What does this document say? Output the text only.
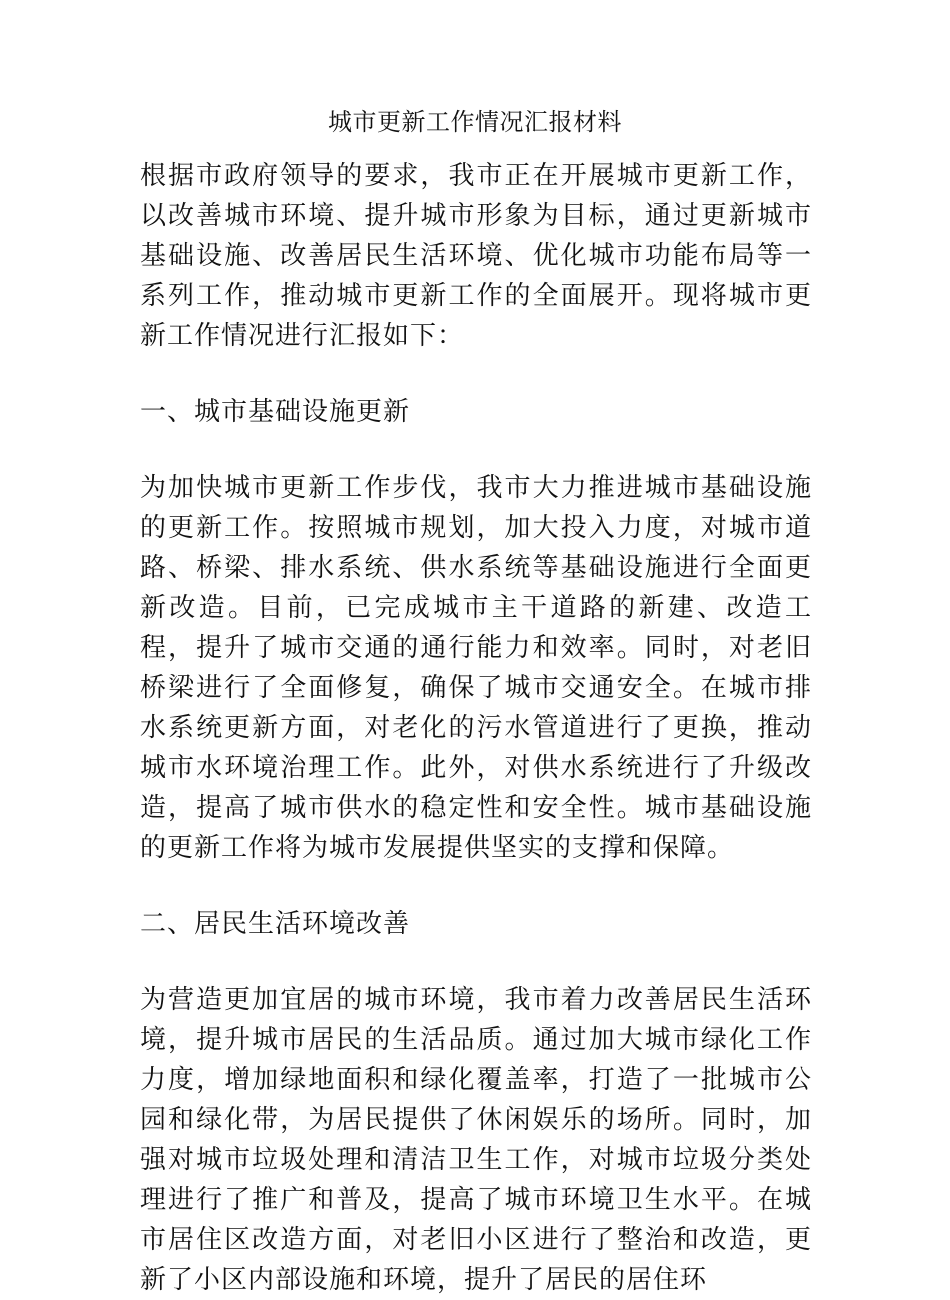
城市更新工作情况汇报材料

根据市政府领导的要求，我市正在开展城市更新工作，以改善城市环境、提升城市形象为目标，通过更新城市基础设施、改善居民生活环境、优化城市功能布局等一系列工作，推动城市更新工作的全面展开。现将城市更新工作情况进行汇报如下：

一、城市基础设施更新

为加快城市更新工作步伐，我市大力推进城市基础设施的更新工作。按照城市规划，加大投入力度，对城市道路、桥梁、排水系统、供水系统等基础设施进行全面更新改造。目前，已完成城市主干道路的新建、改造工程，提升了城市交通的通行能力和效率。同时，对老旧桥梁进行了全面修复，确保了城市交通安全。在城市排水系统更新方面，对老化的污水管道进行了更换，推动城市水环境治理工作。此外，对供水系统进行了升级改造，提高了城市供水的稳定性和安全性。城市基础设施的更新工作将为城市发展提供坚实的支撑和保障。

二、居民生活环境改善

为营造更加宜居的城市环境，我市着力改善居民生活环境，提升城市居民的生活品质。通过加大城市绿化工作力度，增加绿地面积和绿化覆盖率，打造了一批城市公园和绿化带，为居民提供了休闲娱乐的场所。同时，加强对城市垃圾处理和清洁卫生工作，对城市垃圾分类处理进行了推广和普及，提高了城市环境卫生水平。在城市居住区改造方面，对老旧小区进行了整治和改造，更新了小区内部设施和环境，提升了居民的居住环
